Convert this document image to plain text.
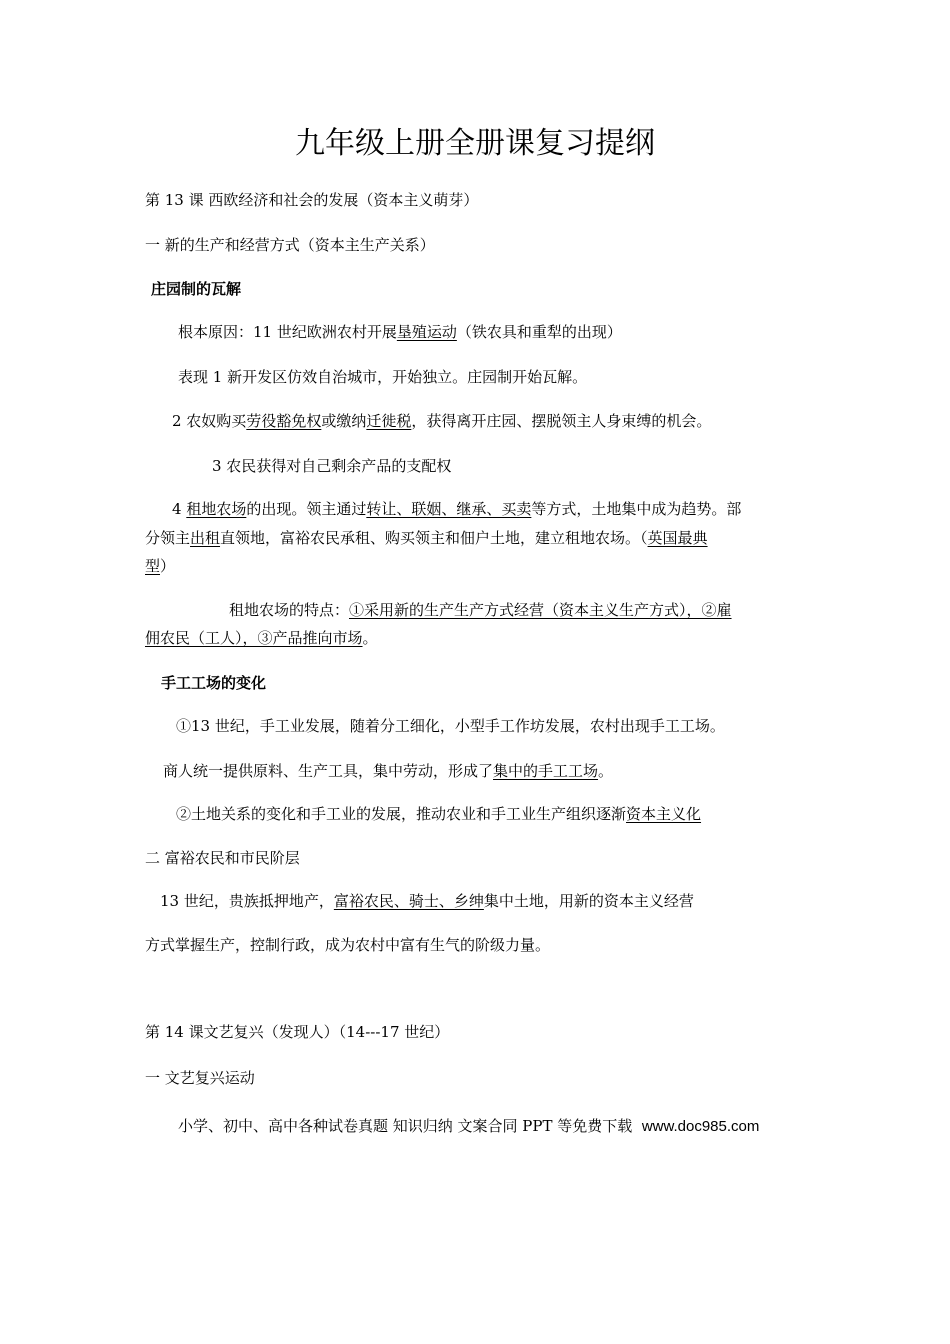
九年级上册全册课复习提纲
第 13 课 西欧经济和社会的发展（资本主义萌芽）
一 新的生产和经营方式（资本主生产关系）
庄园制的瓦解
根本原因：11 世纪欧洲农村开展垦殖运动（铁农具和重犁的出现）
表现 1 新开发区仿效自治城市，开始独立。庄园制开始瓦解。
2 农奴购买劳役豁免权或缴纳迁徙税，获得离开庄园、摆脱领主人身束缚的机会。
3 农民获得对自己剩余产品的支配权
4 租地农场的出现。领主通过转让、联姻、继承、买卖等方式，土地集中成为趋势。部
分领主出租直领地，富裕农民承租、购买领主和佃户土地，建立租地农场。（英国最典
型）
租地农场的特点：①采用新的生产生产方式经营（资本主义生产方式），②雇
佣农民（工人），③产品推向市场。
手工工场的变化
①13 世纪，手工业发展，随着分工细化，小型手工作坊发展，农村出现手工工场。
商人统一提供原料、生产工具，集中劳动，形成了集中的手工工场。
②土地关系的变化和手工业的发展，推动农业和手工业生产组织逐渐资本主义化
二 富裕农民和市民阶层
13 世纪，贵族抵押地产，富裕农民、骑士、乡绅集中土地，用新的资本主义经营
方式掌握生产，控制行政，成为农村中富有生气的阶级力量。
第 14 课文艺复兴（发现人）（14---17 世纪）
一 文艺复兴运动
小学、初中、高中各种试卷真题 知识归纳 文案合同 PPT 等免费下载 www.doc985.com
